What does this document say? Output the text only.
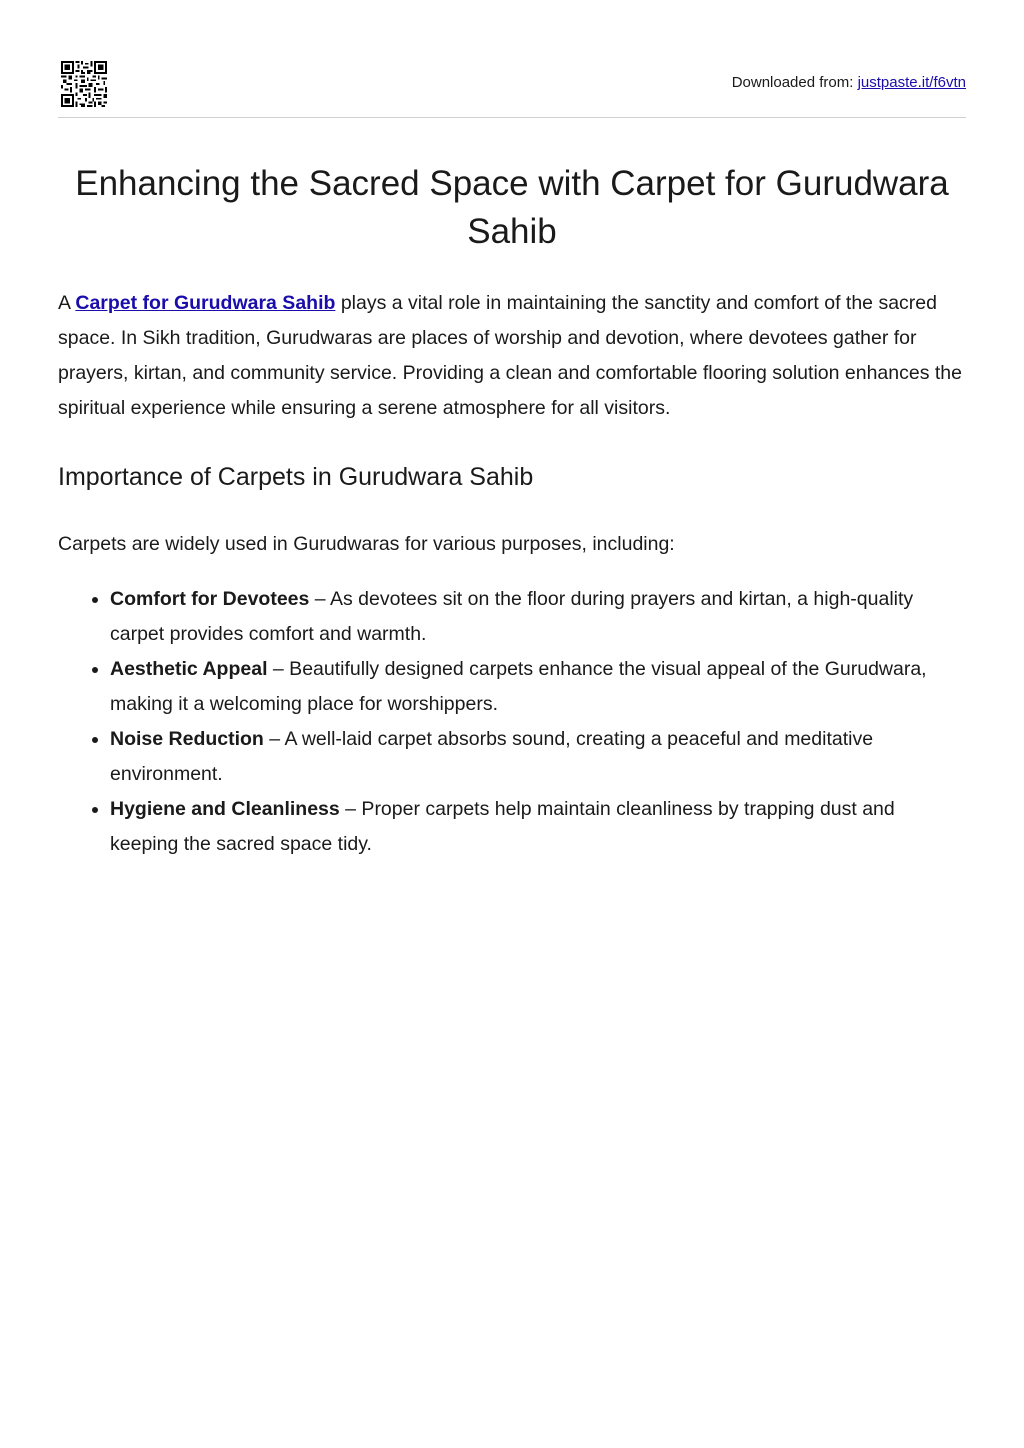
Downloaded from: justpaste.it/f6vtn
Enhancing the Sacred Space with Carpet for Gurudwara Sahib

A Carpet for Gurudwara Sahib plays a vital role in maintaining the sanctity and comfort of the sacred space. In Sikh tradition, Gurudwaras are places of worship and devotion, where devotees gather for prayers, kirtan, and community service. Providing a clean and comfortable flooring solution enhances the spiritual experience while ensuring a serene atmosphere for all visitors.

Importance of Carpets in Gurudwara Sahib

Carpets are widely used in Gurudwaras for various purposes, including:

• Comfort for Devotees – As devotees sit on the floor during prayers and kirtan, a high-quality carpet provides comfort and warmth.
• Aesthetic Appeal – Beautifully designed carpets enhance the visual appeal of the Gurudwara, making it a welcoming place for worshippers.
• Noise Reduction – A well-laid carpet absorbs sound, creating a peaceful and meditative environment.
• Hygiene and Cleanliness – Proper carpets help maintain cleanliness by trapping dust and keeping the sacred space tidy.
